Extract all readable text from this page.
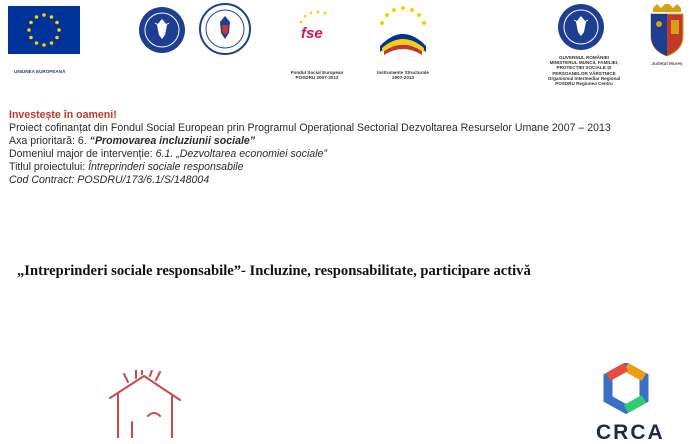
UNIUNEA EUROPEANĂ
fse
Fondul Social European
POSDRU 2007-2013
Instrumente Structurale
2007-2013
GUVERNUL ROMÂNIEI
MINISTERUL MUNCII, FAMILIEI,
PROTECȚIEI SOCIALE ȘI
PERSOANELOR VÂRSTNICE
Organismul Intermediar Regional
POSDRU Regiunea Centru
Județul Mureș
Investește în oameni!
Proiect cofinanțat din Fondul Social European prin Programul Operațional Sectorial Dezvoltarea Resurselor Umane 2007 – 2013
Axa prioritară: 6. “Promovarea incluziunii sociale”
Domeniul major de intervenție: 6.1. „Dezvoltarea economiei sociale”
Titlul proiectului: Întreprinderi sociale responsabile
Cod Contract: POSDRU/173/6.1/S/148004
„Intreprinderi sociale responsabile”- Incluzine, responsabilitate, participare activă
CRCA
